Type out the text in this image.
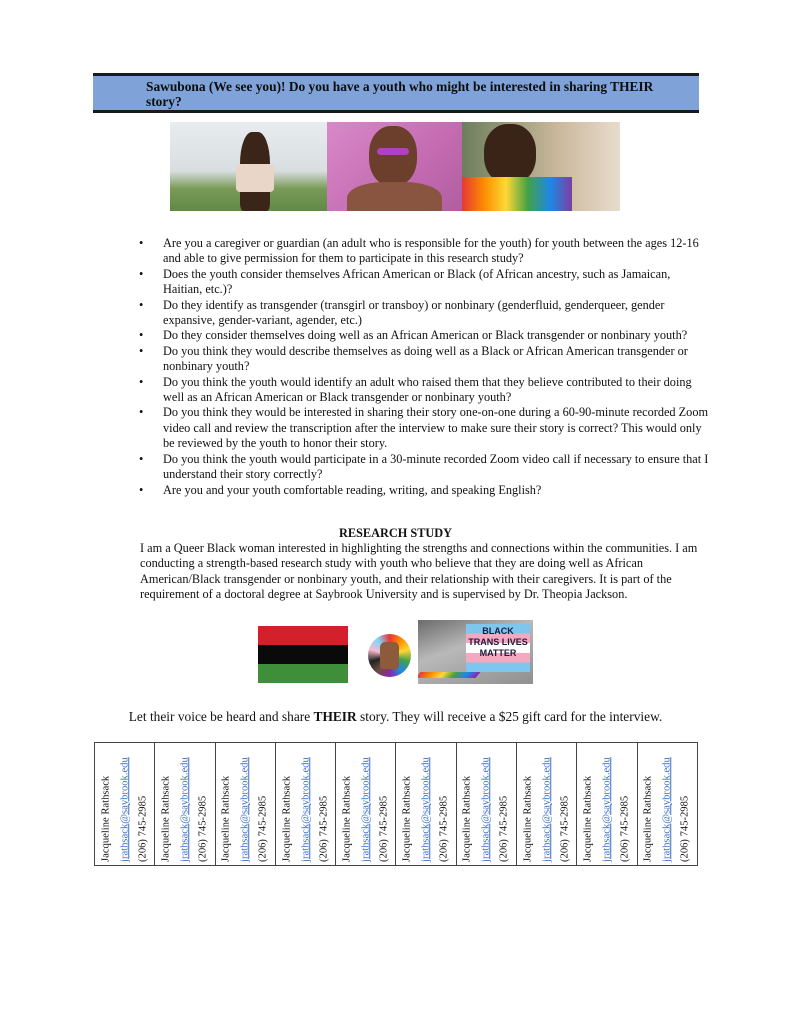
Sawubona (We see you)! Do you have a youth who might be interested in sharing THEIR story?
• Are you a caregiver or guardian (an adult who is responsible for the youth) for youth between the ages 12-16 and able to give permission for them to participate in this research study?
• Does the youth consider themselves African American or Black (of African ancestry, such as Jamaican, Haitian, etc.)?
• Do they identify as transgender (transgirl or transboy) or nonbinary (genderfluid, genderqueer, gender expansive, gender-variant, agender, etc.)
• Do they consider themselves doing well as an African American or Black transgender or nonbinary youth?
• Do you think they would describe themselves as doing well as a Black or African American transgender or nonbinary youth?
• Do you think the youth would identify an adult who raised them that they believe contributed to their doing well as an African American or Black transgender or nonbinary youth?
• Do you think they would be interested in sharing their story one-on-one during a 60-90-minute recorded Zoom video call and review the transcription after the interview to make sure their story is correct? This would only be reviewed by the youth to honor their story.
• Do you think the youth would participate in a 30-minute recorded Zoom video call if necessary to ensure that I understand their story correctly?
• Are you and your youth comfortable reading, writing, and speaking English?
RESEARCH STUDY
I am a Queer Black woman interested in highlighting the strengths and connections within the communities. I am conducting a strength-based research study with youth who believe that they are doing well as African American/Black transgender or nonbinary youth, and their relationship with their caregivers. It is part of the requirement of a doctoral degree at Saybrook University and is supervised by Dr. Theopia Jackson.
BLACK TRANS LIVES MATTER
Let their voice be heard and share THEIR story. They will receive a $25 gift card for the interview.
Jacqueline Rathsack jrathsack@saybrook.edu (206) 745-2985	Jacqueline Rathsack jrathsack@saybrook.edu (206) 745-2985	Jacqueline Rathsack jrathsack@saybrook.edu (206) 745-2985	Jacqueline Rathsack jrathsack@saybrook.edu (206) 745-2985	Jacqueline Rathsack jrathsack@saybrook.edu (206) 745-2985	Jacqueline Rathsack jrathsack@saybrook.edu (206) 745-2985	Jacqueline Rathsack jrathsack@saybrook.edu (206) 745-2985	Jacqueline Rathsack jrathsack@saybrook.edu (206) 745-2985	Jacqueline Rathsack jrathsack@saybrook.edu (206) 745-2985	Jacqueline Rathsack jrathsack@saybrook.edu (206) 745-2985
